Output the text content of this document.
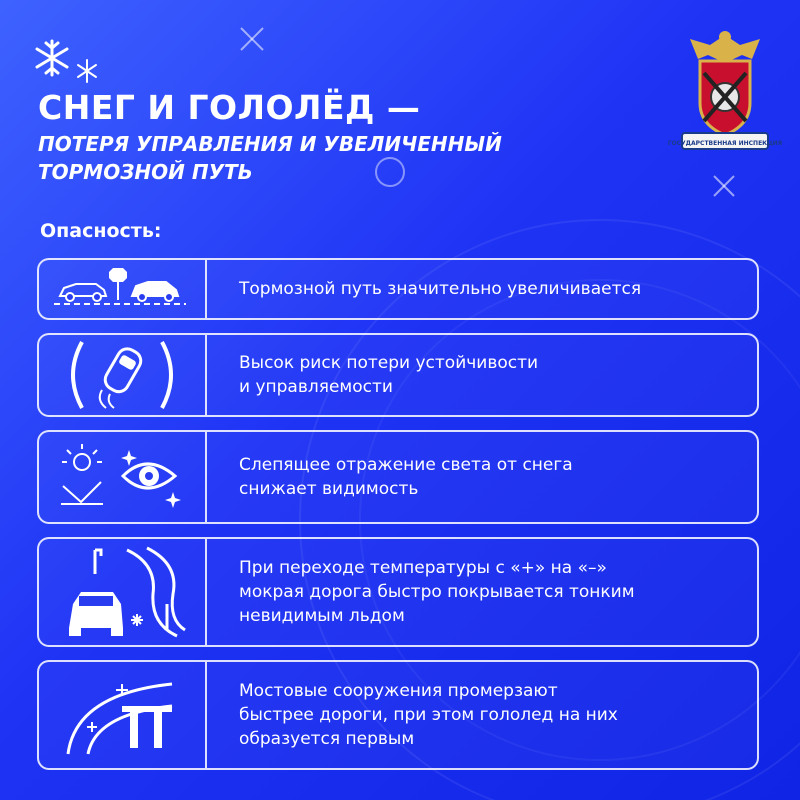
СНЕГ И ГОЛОЛЁД —
ПОТЕРЯ УПРАВЛЕНИЯ И УВЕЛИЧЕННЫЙ ТОРМОЗНОЙ ПУТЬ
ГОСУДАРСТВЕННАЯ ИНСПЕКЦИЯ
Опасность:
Тормозной путь значительно увеличивается
Высок риск потери устойчивости
и управляемости
Слепящее отражение света от снега
снижает видимость
При переходе температуры с «+» на «–»
мокрая дорога быстро покрывается тонким
невидимым льдом
Мостовые сооружения промерзают
быстрее дороги, при этом гололед на них
образуется первым
